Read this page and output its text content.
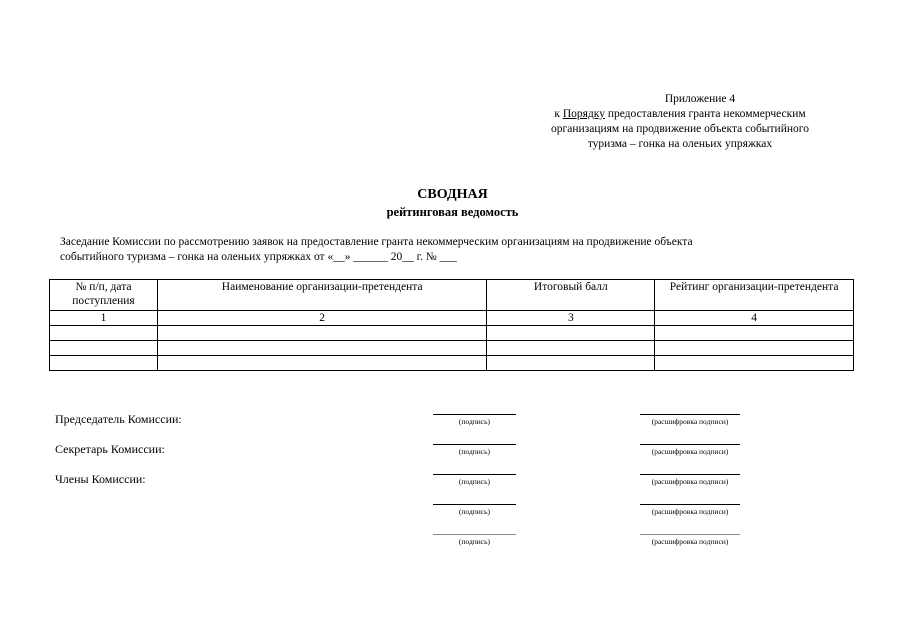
Приложение 4
к Порядку предоставления гранта некоммерческим
организациям на продвижение объекта событийного
туризма – гонка на оленьих упряжках
СВОДНАЯ
рейтинговая ведомость
Заседание Комиссии по рассмотрению заявок на предоставление гранта некоммерческим организациям на продвижение объекта
событийного туризма – гонка на оленьих упряжках от «__» ______ 20__ г. № ___
№ п/п, дата поступления	Наименование организации-претендента	Итоговый балл	Рейтинг организации-претендента
1	2	3	4

Председатель Комиссии:
Секретарь Комиссии:
Члены Комиссии:
(подпись)	(расшифровка подписи)
(подпись)	(расшифровка подписи)
(подпись)	(расшифровка подписи)
(подпись)	(расшифровка подписи)
(подпись)	(расшифровка подписи)
